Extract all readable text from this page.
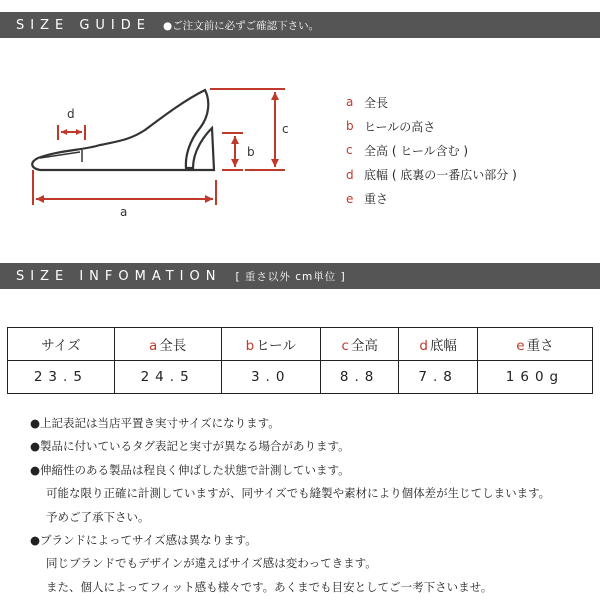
SIZE GUIDE ●ご注文前に必ずご確認下さい。
a
b
c
d
a 全長
b ヒールの高さ
c 全高 ( ヒール含む )
d 底幅 ( 底裏の一番広い部分 )
e 重さ
SIZE INFOMATION [ 重さ以外 cm単位 ]
サイズ	a 全長	b ヒール	c 全高	d 底幅	e 重さ
23.5	24.5	3.0	8.8	7.8	160g
●上記表記は当店平置き実寸サイズになります。
●製品に付いているタグ表記と実寸が異なる場合があります。
●伸縮性のある製品は程良く伸ばした状態で計測しています。
可能な限り正確に計測していますが、同サイズでも縫製や素材により個体差が生じてしまいます。
予めご了承下さい。
●ブランドによってサイズ感は異なります。
同じブランドでもデザインが違えばサイズ感は変わってきます。
また、個人によってフィット感も様々です。あくまでも目安としてご一考下さいませ。
